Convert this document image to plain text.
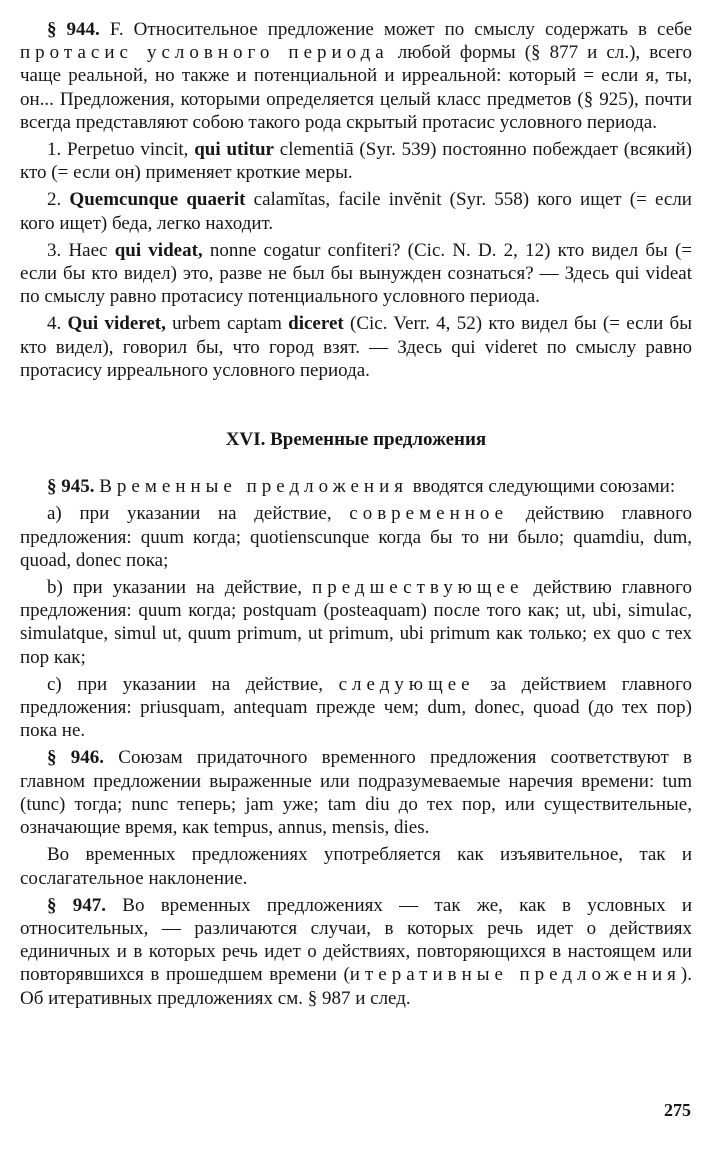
§ 944. F. Относительное предложение может по смыслу содержать в себе протасис условного периода любой формы (§ 877 и сл.), всего чаще реальной, но также и потенциальной и ирреальной: который = если я, ты, он... Предложения, которыми определяется целый класс предметов (§ 925), почти всегда представляют собою такого рода скрытый протасис условного периода.

1. Perpetuo vincit, qui utitur clementiā (Syr. 539) постоянно побеждает (всякий) кто (= если он) применяет кроткие меры.

2. Quemcunque quaerit calamĭtas, facile invĕnit (Syr. 558) кого ищет (= если кого ищет) беда, легко находит.

3. Haec qui videat, nonne cogatur confiteri? (Cic. N. D. 2, 12) кто видел бы (= если бы кто видел) это, разве не был бы вынужден сознаться? — Здесь qui videat по смыслу равно протасису потенциального условного периода.

4. Qui videret, urbem captam diceret (Cic. Verr. 4, 52) кто видел бы (= если бы кто видел), говорил бы, что город взят. — Здесь qui videret по смыслу равно протасису ирреального условного периода.

XVI. Временные предложения

§ 945. Временные предложения вводятся следующими союзами:

a) при указании на действие, современное действию главного предложения: quum когда; quotienscunque когда бы то ни было; quamdiu, dum, quoad, donec пока;

b) при указании на действие, предшествующее действию главного предложения: quum когда; postquam (posteaquam) после того как; ut, ubi, simulac, simulatque, simul ut, quum primum, ut primum, ubi primum как только; ex quo с тех пор как;

c) при указании на действие, следующее за действием главного предложения: priusquam, antequam прежде чем; dum, donec, quoad (до тех пор) пока не.

§ 946. Союзам придаточного временного предложения соответствуют в главном предложении выраженные или подразумеваемые наречия времени: tum (tunc) тогда; nunc теперь; jam уже; tam diu до тех пор, или существительные, означающие время, как tempus, annus, mensis, dies.

Во временных предложениях употребляется как изъявительное, так и сослагательное наклонение.

§ 947. Во временных предложениях — так же, как в условных и относительных, — различаются случаи, в которых речь идет о действиях единичных и в которых речь идет о действиях, повторяющихся в настоящем или повторявшихся в прошедшем времени (итеративные предложения). Об итеративных предложениях см. § 987 и след.

275
